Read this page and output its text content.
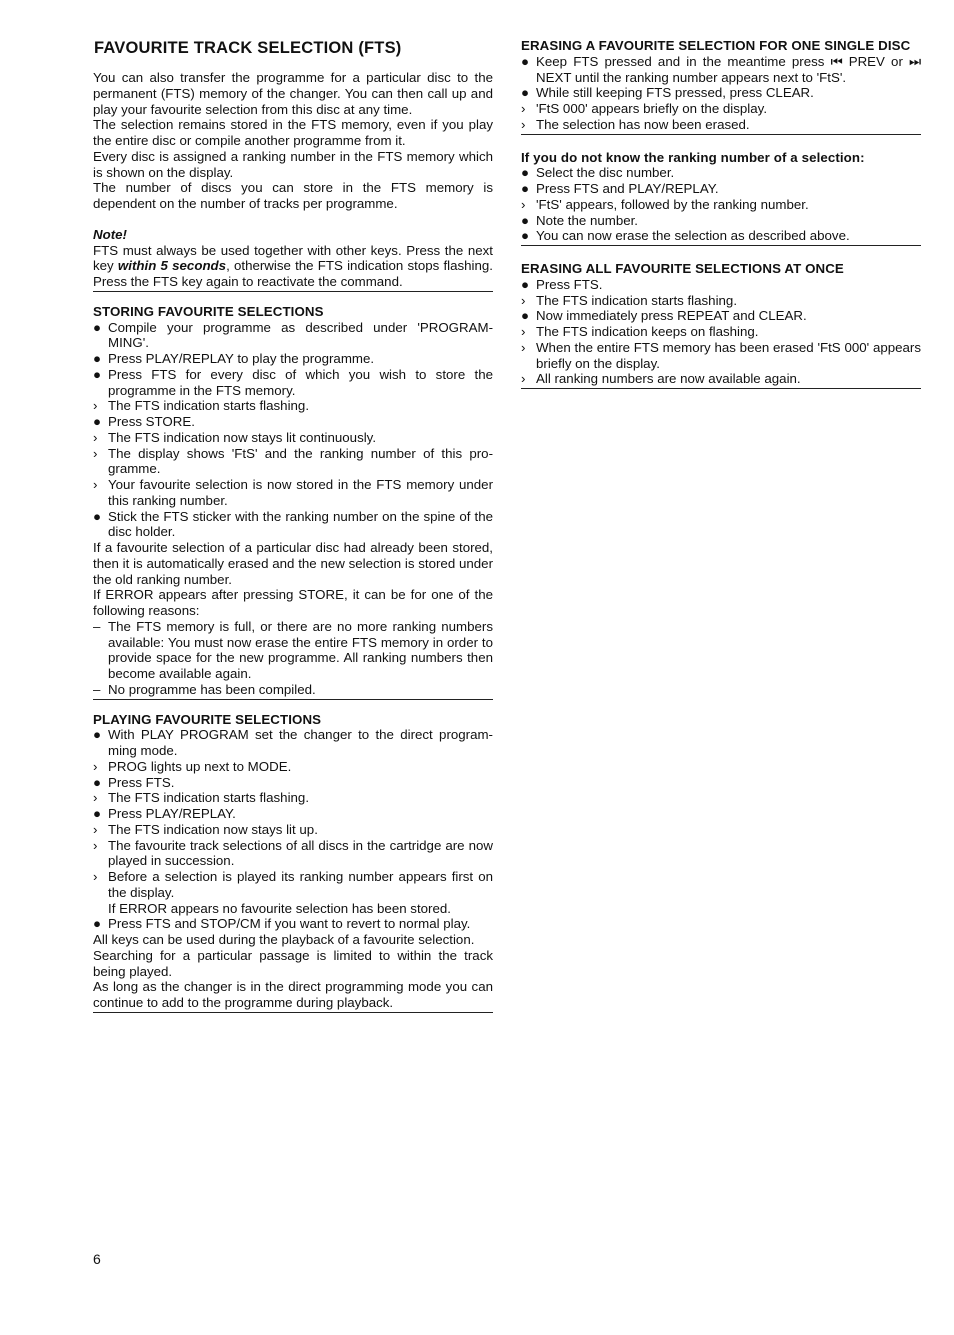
FAVOURITE TRACK SELECTION (FTS)

You can also transfer the programme for a particular disc to the permanent (FTS) memory of the changer. You can then call up and play your favourite selection from this disc at any time.

The selection remains stored in the FTS memory, even if you play the entire disc or compile another programme from it.

Every disc is assigned a ranking number in the FTS memory which is shown on the display.

The number of discs you can store in the FTS memory is dependent on the number of tracks per programme.

Note!

FTS must always be used together with other keys. Press the next key within 5 seconds, otherwise the FTS indication stops flashing. Press the FTS key again to reactivate the command.

STORING FAVOURITE SELECTIONS
● Compile your programme as described under 'PROGRAM-MING'.
● Press PLAY/REPLAY to play the programme.
● Press FTS for every disc of which you wish to store the programme in the FTS memory.
› The FTS indication starts flashing.
● Press STORE.
› The FTS indication now stays lit continuously.
› The display shows 'FtS' and the ranking number of this pro-gramme.
› Your favourite selection is now stored in the FTS memory under this ranking number.
● Stick the FTS sticker with the ranking number on the spine of the disc holder.

If a favourite selection of a particular disc had already been stored, then it is automatically erased and the new selection is stored under the old ranking number.

If ERROR appears after pressing STORE, it can be for one of the following reasons:

– The FTS memory is full, or there are no more ranking numbers available: You must now erase the entire FTS memory in order to provide space for the new programme. All ranking numbers then become available again.
– No programme has been compiled.
PLAYING FAVOURITE SELECTIONS
● With PLAY PROGRAM set the changer to the direct program-ming mode.
› PROG lights up next to MODE.
● Press FTS.
› The FTS indication starts flashing.
● Press PLAY/REPLAY.
› The FTS indication now stays lit up.
› The favourite track selections of all discs in the cartridge are now played in succession.
› Before a selection is played its ranking number appears first on the display.

If ERROR appears no favourite selection has been stored.

● Press FTS and STOP/CM if you want to revert to normal play.

All keys can be used during the playback of a favourite selection.

Searching for a particular passage is limited to within the track being played.

As long as the changer is in the direct programming mode you can continue to add to the programme during playback.

ERASING A FAVOURITE SELECTION FOR ONE SINGLE DISC
● Keep FTS pressed and in the meantime press ⏮ PREV or ⏭ NEXT until the ranking number appears next to 'FtS'.
● While still keeping FTS pressed, press CLEAR.
› 'FtS 000' appears briefly on the display.
› The selection has now been erased.
If you do not know the ranking number of a selection:
● Select the disc number.
● Press FTS and PLAY/REPLAY.
› 'FtS' appears, followed by the ranking number.
● Note the number.
● You can now erase the selection as described above.
ERASING ALL FAVOURITE SELECTIONS AT ONCE
● Press FTS.
› The FTS indication starts flashing.
● Now immediately press REPEAT and CLEAR.
› The FTS indication keeps on flashing.
› When the entire FTS memory has been erased 'FtS 000' appears briefly on the display.
› All ranking numbers are now available again.
6
